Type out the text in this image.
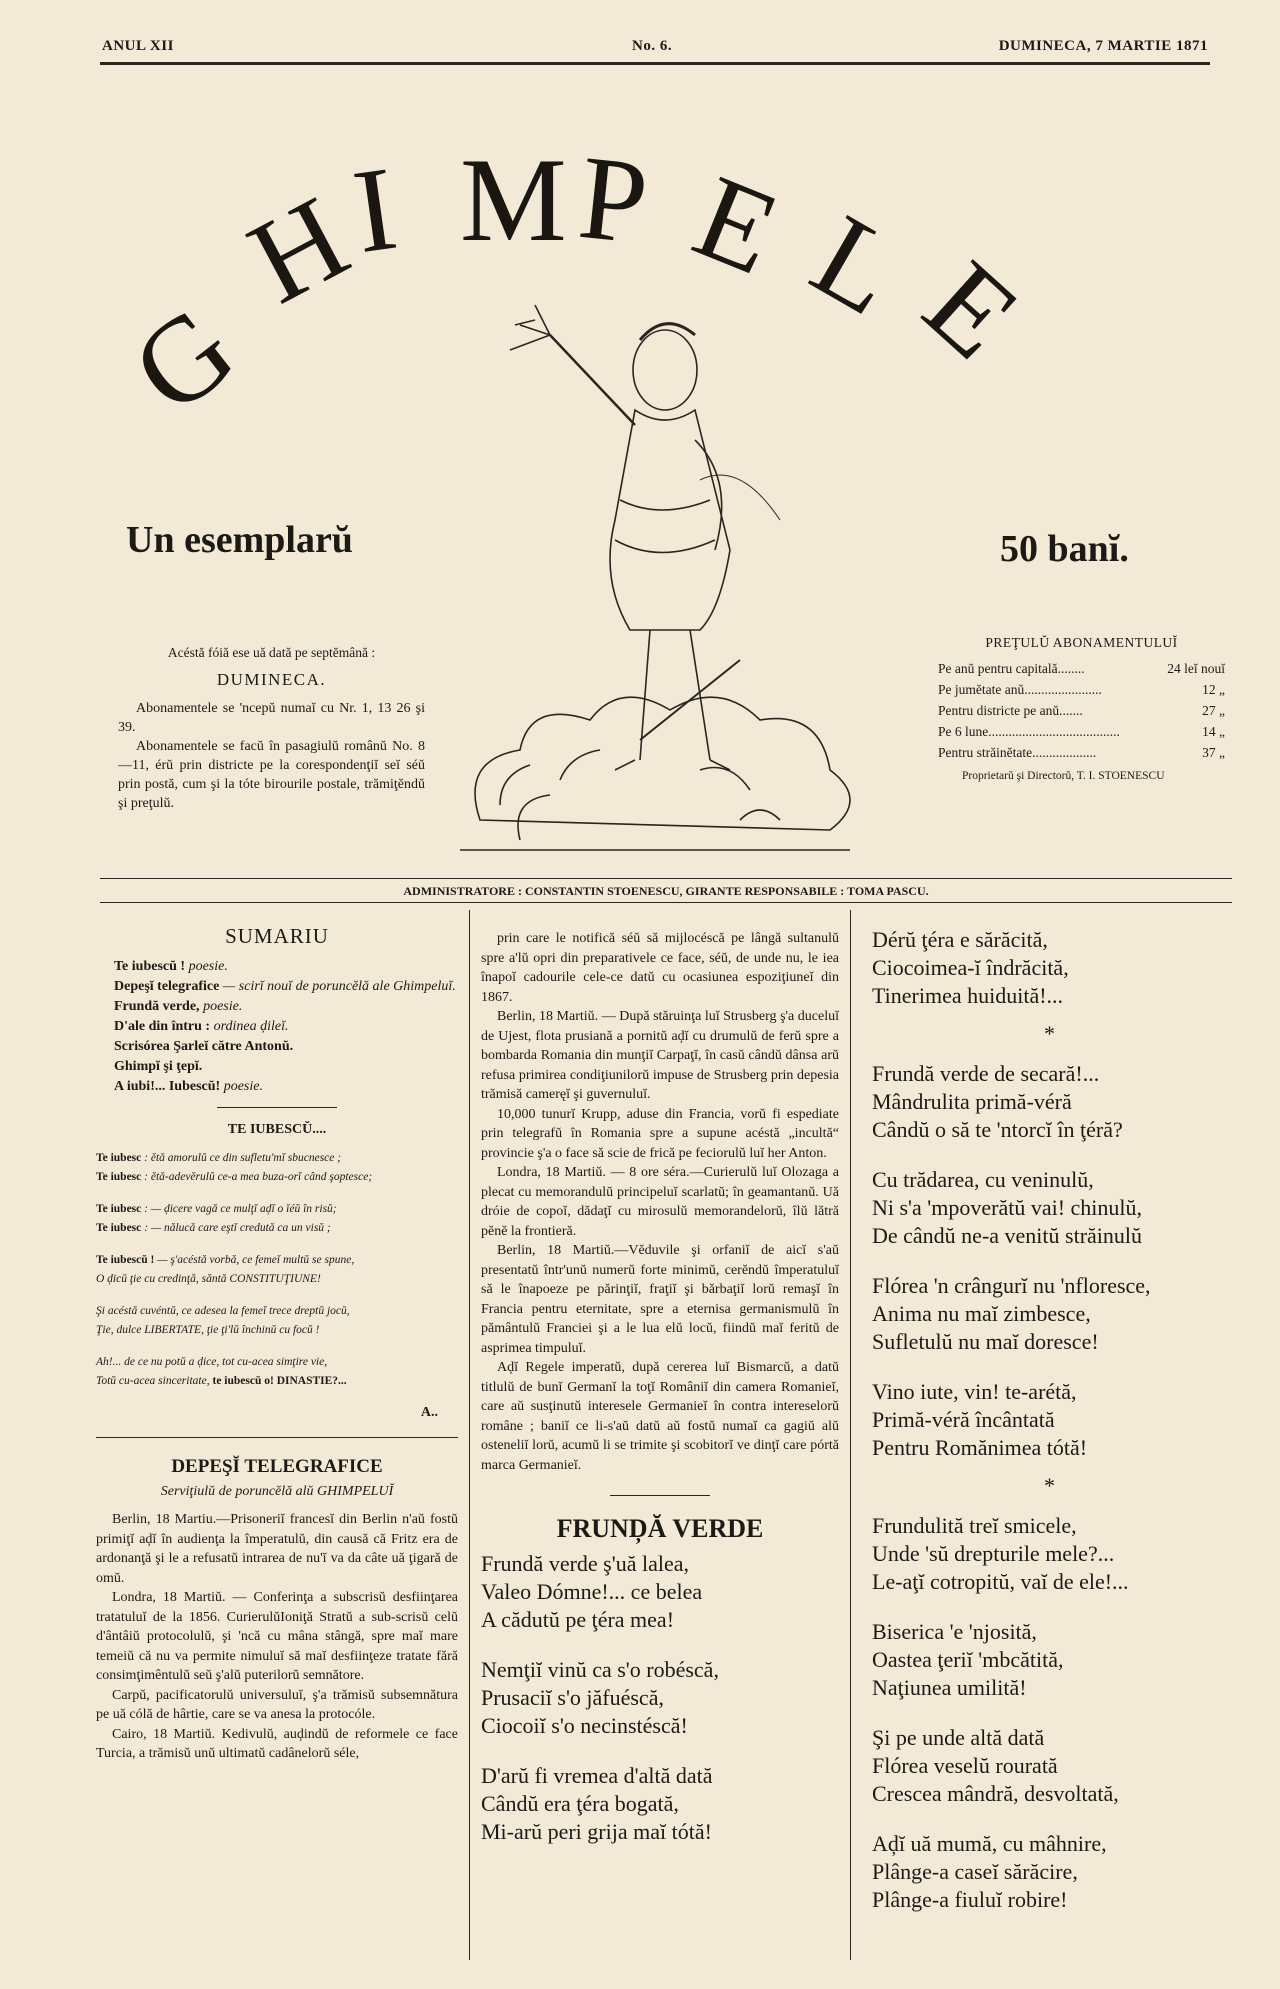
ANUL XII	No. 6.	DUMINECA, 7 MARTIE 1871
G
H
I M P E
L
E
Un esemplarŭ
Acéstă fóiă ese uă dată pe septĕmână :
DUMINECA.
Abonamentele se 'ncepŭ numaĭ cu Nr. 1, 13 26 şi 39.
Abonamentele se facŭ în pasagiulŭ românŭ No. 8—11, érŭ prin districte pe la corespondenţiĭ seĭ séŭ prin postă, cum şi la tóte birourile postale, trămiţĕndŭ şi preţulŭ.
50 banĭ.
PREŢULŬ ABONAMENTULUĬ
Pe anŭ pentru capitală........	24 leĭ nouĭ
Pe jumĕtate anŭ.......................	12 „
Pentru districte pe anŭ.......	27 „
Pe 6 lune.......................................	14 „
Pentru străinĕtate...................	37 „
Proprietarŭ şi Directorŭ, T. I. STOENESCU
ADMINISTRATORE : CONSTANTIN STOENESCU, GIRANTE RESPONSABILE : TOMA PASCU.
SUMARIU
Te iubescŭ ! poesie.
Depeşĭ telegrafice — scirĭ nouĭ de poruncĕlă ale Ghimpeluĭ.
Frundă verde, poesie.
D'ale din întru : ordinea ḑileĭ.
Scrisórea Şarleĭ către Antonŭ.
Ghimpĭ şi ţepĭ.
A iubi!... Iubescŭ! poesie.
TE IUBESCŬ....

Te iubesc : ĕtă amorulŭ ce din sufletu'mĭ sbucnesce ;

Te iubesc : ĕtă-adevĕrulŭ ce-a mea buza-orĭ când şoptesce;

Te iubesc : — ḑicere vagă ce mulţĭ aḑĭ o ĭéŭ în risŭ;

Te iubesc : — nălucă care eştĭ credută ca un visŭ ;

Te iubescŭ ! — ş'acéstă vorbă, ce femeĭ multŭ se spune,

O ḑicŭ ţie cu credinţă, săntă CONSTITUŢIUNE!

Şi acéstă cuvéntŭ, ce adesea la femeĭ trece dreptŭ jocŭ,

Ţie, dulce LIBERTATE, ţie ţi'lŭ închinŭ cu focŭ !

Ah!... de ce nu potŭ a ḑice, tot cu-acea simţire vie,

Totŭ cu-acea sinceritate, te iubescŭ o! DINASTIE?...

A..
DEPEŞĬ TELEGRAFICE
Serviţiulŭ de poruncĕlă alŭ GHIMPELUĬ

Berlin, 18 Martiu.—Prisoneriĭ francesĭ din Berlin n'aŭ fostŭ primiţĭ aḑĭ în audienţa la împeratulŭ, din causă că Fritz era de ardonanţă şi le a refusatŭ intrarea de nu'ĭ va da câte uă ţigară de omŭ.

Londra, 18 Martiŭ. — Conferinţa a subscrisŭ desfiinţarea tratatuluĭ de la 1856. CurierulŭIoniţă Stratŭ a sub-scrisŭ celŭ d'ântâiŭ protocolulŭ, şi 'ncă cu mâna stângă, spre maĭ mare temeiŭ că nu va permite nimuluĭ să maĭ desfiinţeze tratate fără consimţimêntulŭ seŭ ş'alŭ puterilorŭ semnătore.

Carpŭ, pacificatorulŭ universuluĭ, ş'a trămisŭ subsemnătura pe uă cólă de hârtie, care se va anesa la protocóle.

Cairo, 18 Martiŭ. Kedivulŭ, auḑindŭ de reformele ce face Turcia, a trămisŭ unŭ ultimatŭ cadânelorŭ séle,

prin care le notifică séŭ să mijlocéscă pe lângă sultanulŭ spre a'lŭ opri din preparativele ce face, séŭ, de unde nu, le iea înapoĭ cadourile cele-ce datŭ cu ocasiunea espoziţiuneĭ din 1867.

Berlin, 18 Martiŭ. — După stăruinţa luĭ Strusberg ş'a duceluĭ de Ujest, flota prusiană a pornitŭ aḑĭ cu drumulŭ de ferŭ spre a bombarda Romania din munţiĭ Carpaţĭ, în casŭ cândŭ dânsa arŭ refusa primirea condiţiunilorŭ impuse de Strusberg prin depesia trămisă cameręĭ şi guvernuluĭ.

10,000 tunurĭ Krupp, aduse din Francia, vorŭ fi espediate prin telegrafŭ în Romania spre a supune acéstă „incultă“ provincie ş'a o face să scie de frică pe feciorulŭ luĭ her Anton.

Londra, 18 Martiŭ. — 8 ore séra.—Curierulŭ luĭ Olozaga a plecat cu memorandulŭ principeluĭ scarlatŭ; în geamantanŭ. Uă dróie de copoĭ, dădaţĭ cu mirosulŭ memorandelorŭ, îlŭ lătră pĕnĕ la frontieră.

Berlin, 18 Martiŭ.—Vĕduvile şi orfaniĭ de aicĭ s'aŭ presentatŭ într'unŭ numerŭ forte minimŭ, cerĕndŭ împeratuluĭ să le înapoeze pe părinţiĭ, fraţiĭ şi bărbaţiĭ lorŭ remaşĭ în Francia pentru eternitate, spre a eternisa germanismulŭ în pământulŭ Franciei şi a le lua elŭ locŭ, fiindŭ maĭ feritŭ de asprimea timpuluĭ.

Aḑĭ Regele imperatŭ, după cererea luĭ Bismarcŭ, a datŭ titlulŭ de bunĭ Germanĭ la toţĭ Româniĭ din camera Romanieĭ, care aŭ susţinutŭ interesele Germanieĭ în contra intereselorŭ române ; baniĭ ce li-s'aŭ datŭ aŭ fostŭ numaĭ ca gagiŭ alŭ osteneliĭ lorŭ, acumŭ li se trimite şi scobitorĭ ve dinţĭ care pórtă marca Germanieĭ.

FRUNḐĂ VERDE

Frundă verde ş'uă lalea,
Valeo Dómne!... ce belea
A cădutŭ pe ţéra mea!

Nemţiĭ vinŭ ca s'o robéscă,
Prusaciĭ s'o jăfuéscă,
Ciocoiĭ s'o necinstéscă!

D'arŭ fi vremea d'altă dată
Cândŭ era ţéra bogată,
Mi-arŭ peri grija maĭ tótă!

Dérŭ ţéra e sărăcită,
Ciocoimea-ĭ îndrăcită,
Tinerimea huiduită!...

*

Frundă verde de secară!...
Mândrulita primă-véră
Cândŭ o să te 'ntorcĭ în ţéră?

Cu trădarea, cu veninulŭ,
Ni s'a 'mpoverătŭ vai! chinulŭ,
De cândŭ ne-a venitŭ străinulŭ

Flórea 'n crângurĭ nu 'nfloresce,
Anima nu maĭ zimbesce,
Sufletulŭ nu maĭ doresce!

Vino iute, vin! te-arétă,
Primă-véră încântată
Pentru Romănimea tótă!

*

Frundulită treĭ smicele,
Unde 'sŭ drepturile mele?...
Le-aţĭ cotropitŭ, vaĭ de ele!...

Biserica 'e 'njosită,
Oastea ţeriĭ 'mbcătită,
Naţiunea umilită!

Şi pe unde altă dată
Flórea veselŭ rourată
Crescea mândră, desvoltată,

Aḑĭ uă mumă, cu mâhnire,
Plânge-a caseĭ sărăcire,
Plânge-a fiuluĭ robire!
